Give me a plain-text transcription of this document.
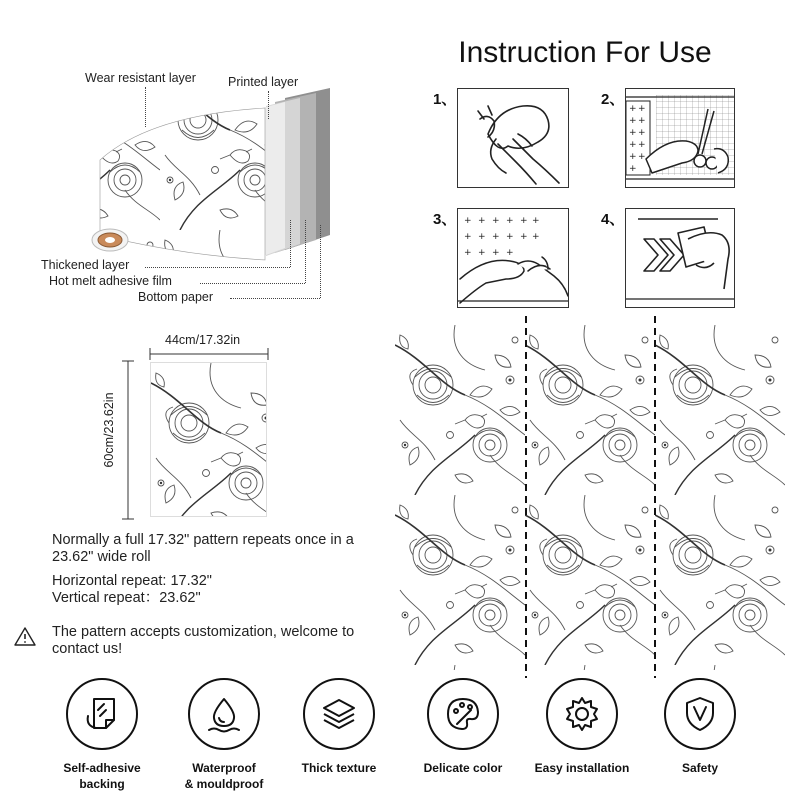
Wear resistant layer	Printed layer
Thickened layer
Hot melt adhesive film
Bottom paper
Instruction For Use
1、	2、
+ +
+ +
+ +
+ +
+ +
+
3、 + + + + + +
+ + + + + +
+ + + +
4、
44cm/17.32in
60cm/23.62in
Normally a full 17.32" pattern repeats once in a 23.62" wide roll
Horizontal repeat: 17.32"
Vertical repeat：23.62"
The pattern accepts customization, welcome to contact us!
Self-adhesive
backing
Waterproof
& mouldproof
Thick texture	Delicate color	Easy installation	Safety
